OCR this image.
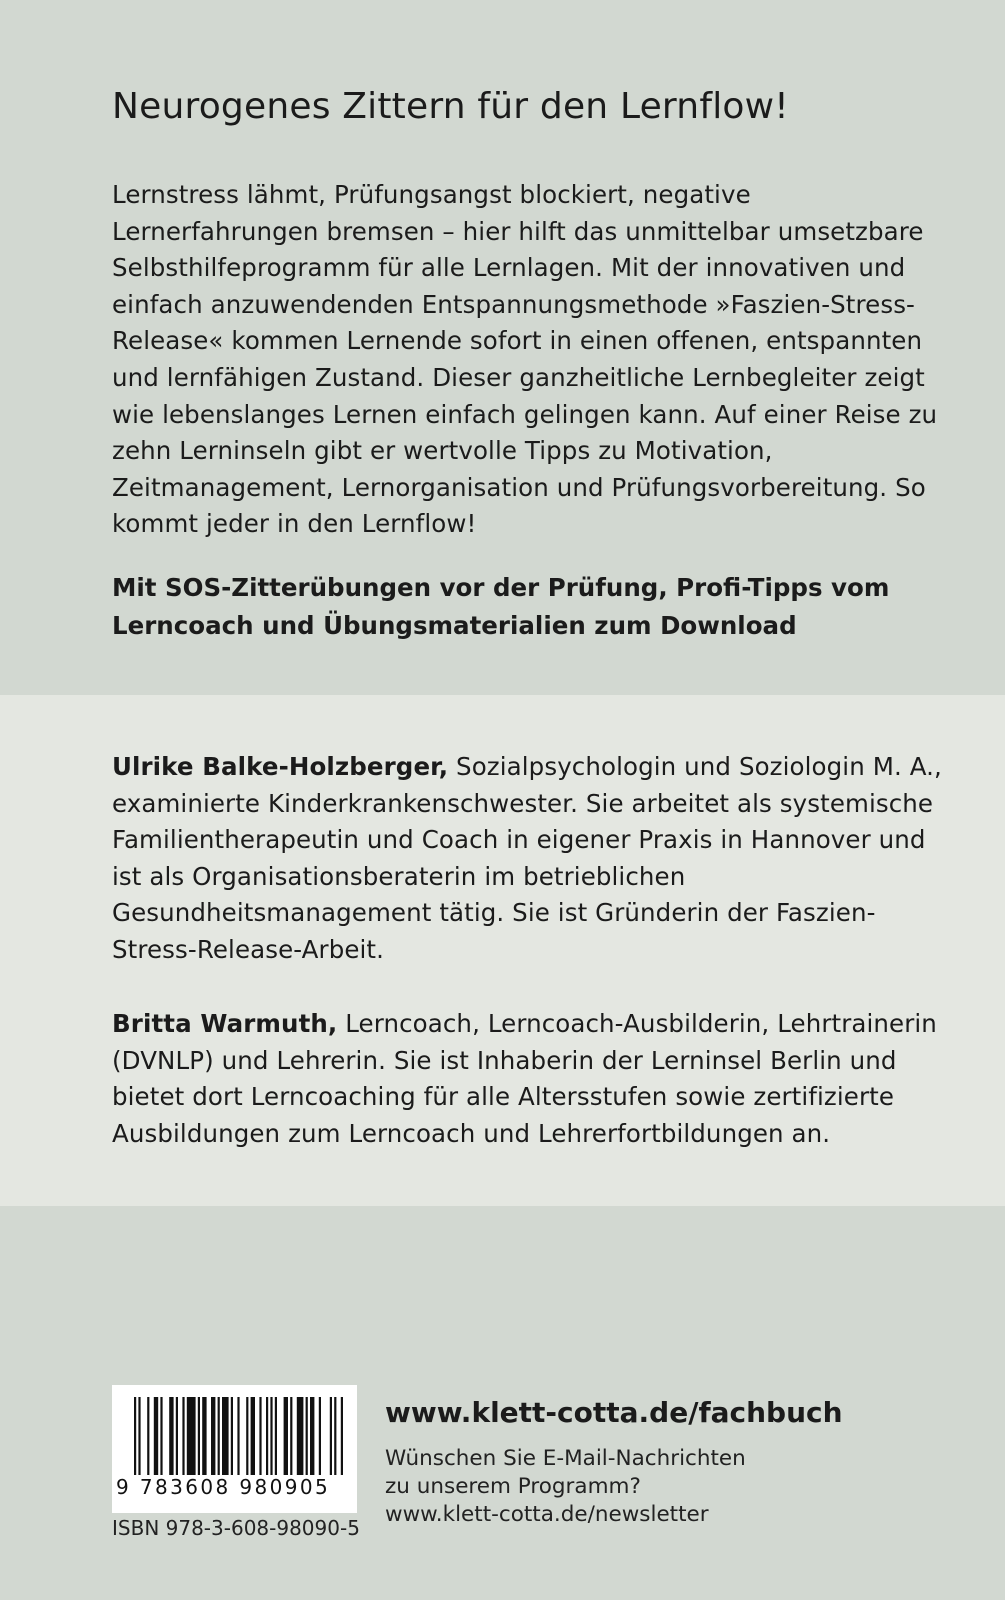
Neurogenes Zittern für den Lernflow!

Lernstress lähmt, Prüfungsangst blockiert, negative Lernerfahrungen bremsen – hier hilft das unmittelbar umsetzbare Selbsthilfeprogramm für alle Lernlagen. Mit der innovativen und einfach anzuwendenden Entspannungsmethode »Faszien-Stress-Release« kommen Lernende sofort in einen offenen, entspannten und lernfähigen Zustand. Dieser ganzheitliche Lernbegleiter zeigt wie lebenslanges Lernen einfach gelingen kann. Auf einer Reise zu zehn Lerninseln gibt er wertvolle Tipps zu Motivation, Zeitmanagement, Lernorganisation und Prüfungsvorbereitung. So kommt jeder in den Lernflow!

Mit SOS-Zitterübungen vor der Prüfung, Profi-Tipps vom Lerncoach und Übungsmaterialien zum Download

Ulrike Balke-Holzberger, Sozialpsychologin und Soziologin M. A., examinierte Kinderkrankenschwester. Sie arbeitet als systemische Familientherapeutin und Coach in eigener Praxis in Hannover und ist als Organisationsberaterin im betrieblichen Gesundheitsmanagement tätig. Sie ist Gründerin der Faszien-Stress-Release-Arbeit.

Britta Warmuth, Lerncoach, Lerncoach-Ausbilderin, Lehrtrainerin (DVNLP) und Lehrerin. Sie ist Inhaberin der Lerninsel Berlin und bietet dort Lerncoaching für alle Altersstufen sowie zertifizierte Ausbildungen zum Lerncoach und Lehrerfortbildungen an.

9 783608 980905
ISBN 978-3-608-98090-5

www.klett-cotta.de/fachbuch

Wünschen Sie E-Mail-Nachrichten
zu unserem Programm?
www.klett-cotta.de/newsletter
